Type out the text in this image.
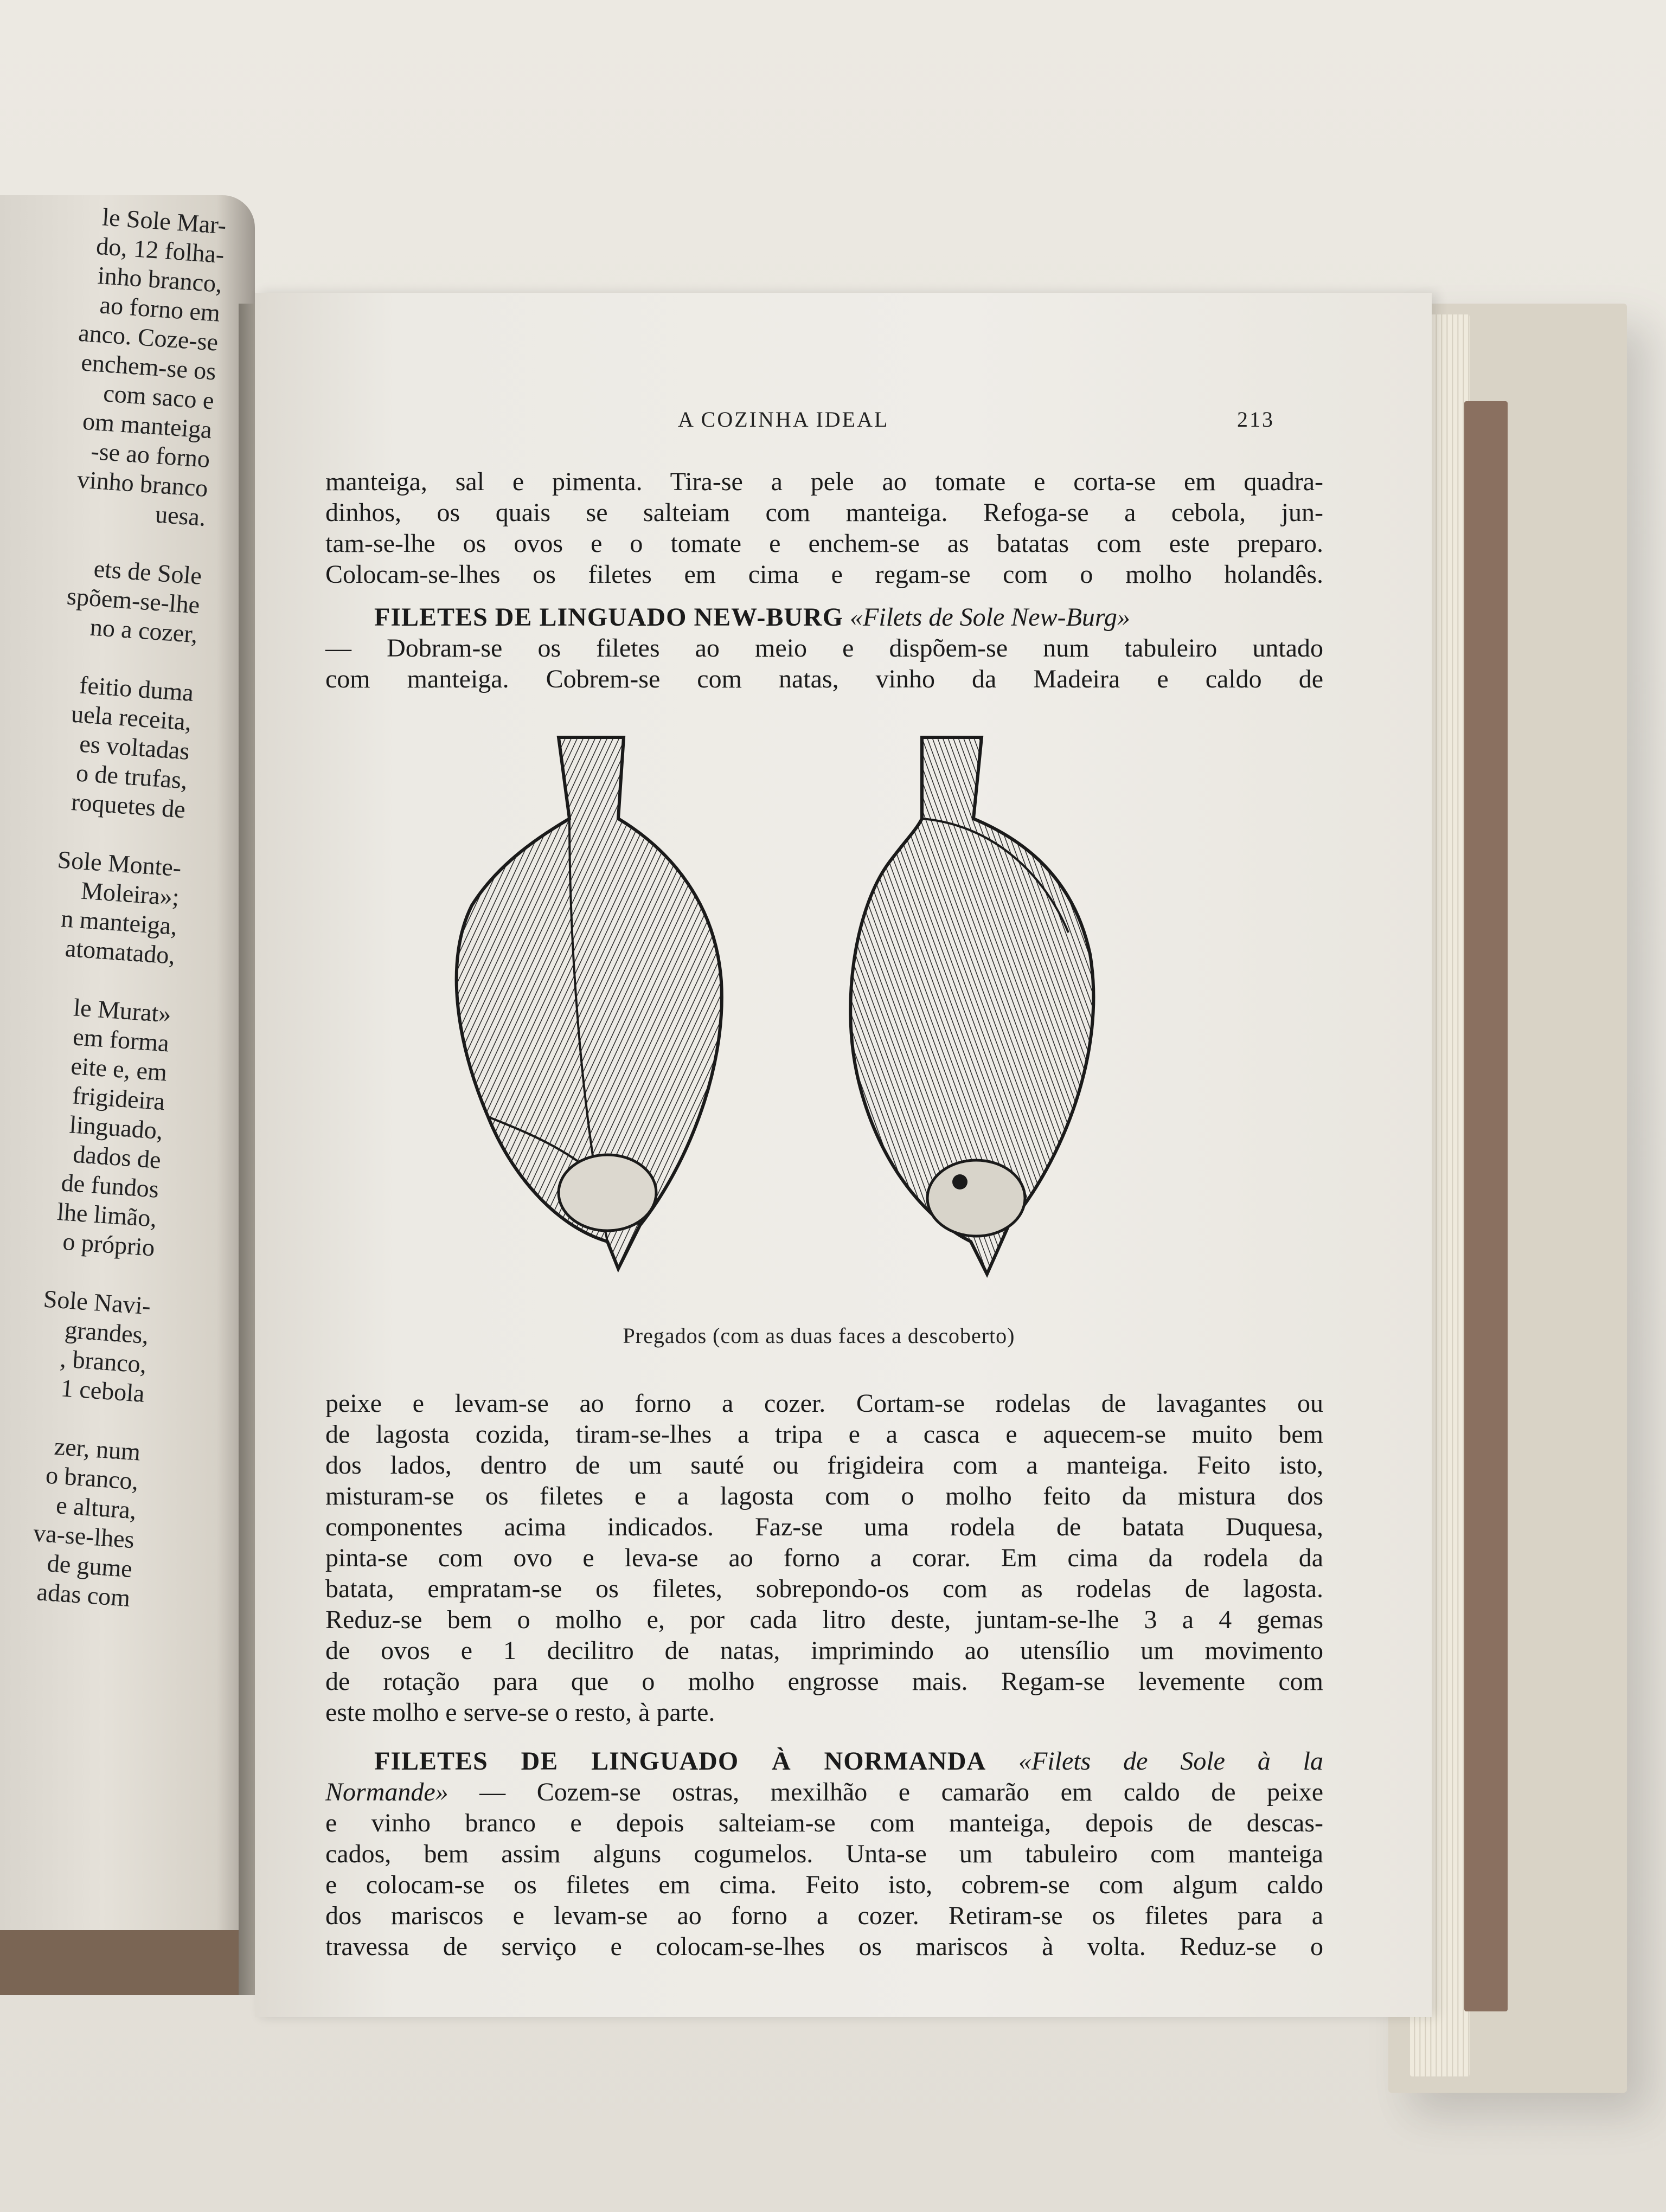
le Sole Mar-
do, 12 folha-
inho branco,
ao forno em
anco. Coze-se
enchem-se os
com saco e
om manteiga
-se ao forno
vinho branco
uesa.
ets de Sole
spõem-se-lhe
no a cozer,
feitio duma
uela receita,
es voltadas
o de trufas,
roquetes de
Sole Monte-
Moleira»;
n manteiga,
atomatado,
le Murat»
em forma
eite e, em
frigideira
linguado,
dados de
de fundos
lhe limão,
o próprio
Sole Navi-
grandes,
, branco,
1 cebola
zer, num
o branco,
e altura,
va-se-lhes
de gume
adas com
A COZINHA IDEAL	213
manteiga, sal e pimenta. Tira-se a pele ao tomate e corta-se em quadra-
dinhos, os quais se salteiam com manteiga. Refoga-se a cebola, jun-
tam-se-lhe os ovos e o tomate e enchem-se as batatas com este preparo.
Colocam-se-lhes os filetes em cima e regam-se com o molho holandês.
FILETES DE LINGUADO NEW-BURG «Filets de Sole New-Burg»
— Dobram-se os filetes ao meio e dispõem-se num tabuleiro untado
com manteiga. Cobrem-se com natas, vinho da Madeira e caldo de
Pregados (com as duas faces a descoberto)
peixe e levam-se ao forno a cozer. Cortam-se rodelas de lavagantes ou
de lagosta cozida, tiram-se-lhes a tripa e a casca e aquecem-se muito bem
dos lados, dentro de um sauté ou frigideira com a manteiga. Feito isto,
misturam-se os filetes e a lagosta com o molho feito da mistura dos
componentes acima indicados. Faz-se uma rodela de batata Duquesa,
pinta-se com ovo e leva-se ao forno a corar. Em cima da rodela da
batata, empratam-se os filetes, sobrepondo-os com as rodelas de lagosta.
Reduz-se bem o molho e, por cada litro deste, juntam-se-lhe 3 a 4 gemas
de ovos e 1 decilitro de natas, imprimindo ao utensílio um movimento
de rotação para que o molho engrosse mais. Regam-se levemente com
este molho e serve-se o resto, à parte.
FILETES DE LINGUADO À NORMANDA «Filets de Sole à la
Normande» — Cozem-se ostras, mexilhão e camarão em caldo de peixe
e vinho branco e depois salteiam-se com manteiga, depois de descas-
cados, bem assim alguns cogumelos. Unta-se um tabuleiro com manteiga
e colocam-se os filetes em cima. Feito isto, cobrem-se com algum caldo
dos mariscos e levam-se ao forno a cozer. Retiram-se os filetes para a
travessa de serviço e colocam-se-lhes os mariscos à volta. Reduz-se o
